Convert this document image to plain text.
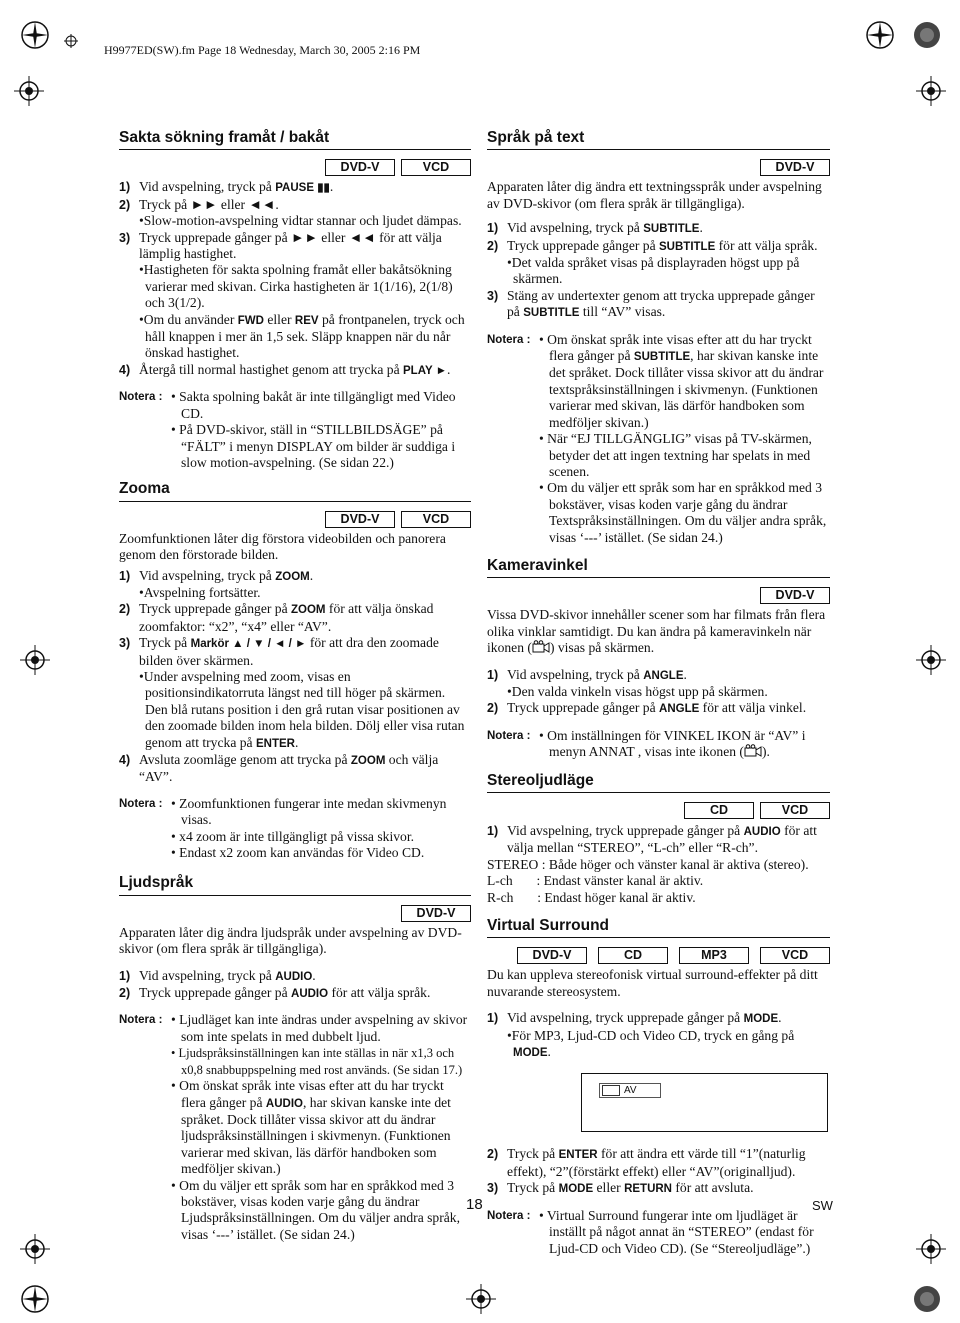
H9977ED(SW).fm Page 18 Wednesday, March 30, 2005 2:16 PM
Sakta sökning framåt / bakåt
DVD-V	VCD
1) Vid avspelning, tryck på PAUSE ▮▮.
2) Tryck på ►► eller ◄◄.

•Slow-motion-avspelning vidtar stannar och ljudet dämpas.

3) Tryck upprepade gånger på ►► eller ◄◄ för att välja lämplig hastighet.

•Hastigheten för sakta spolning framåt eller bakåtsökning varierar med skivan. Cirka hastigheten är 1(1/16), 2(1/8) och 3(1/2).

•Om du använder FWD eller REV på frontpanelen, tryck och håll knappen i mer än 1,5 sek. Släpp knappen när du når önskad hastighet.

4) Återgå till normal hastighet genom att trycka på PLAY ►.
Notera : • Sakta spolning bakåt är inte tillgängligt med Video CD.

• På DVD-skivor, ställ in “STILLBILDSÄGE” på “FÄLT” i menyn DISPLAY om bilder är suddiga i slow motion-avspelning. (Se sidan 22.)

Zooma
DVD-V	VCD

Zoomfunktionen låter dig förstora videobilden och panorera genom den förstorade bilden.

1) Vid avspelning, tryck på ZOOM.

•Avspelning fortsätter.

2) Tryck upprepade gånger på ZOOM för att välja önskad zoomfaktor: “x2”, “x4” eller “AV”.
3) Tryck på Markör ▲ / ▼ / ◄ / ► för att dra den zoomade bilden över skärmen.

•Under avspelning med zoom, visas en positionsindikatorruta längst ned till höger på skärmen. Den blå rutans position i den grå rutan visar positionen av den zoomade bilden inom hela bilden. Dölj eller visa rutan genom att trycka på ENTER.

4) Avsluta zoomläge genom att trycka på ZOOM och välja “AV”.
Notera : • Zoomfunktionen fungerar inte medan skivmenyn visas.

• x4 zoom är inte tillgängligt på vissa skivor.

• Endast x2 zoom kan användas för Video CD.

Ljudspråk
DVD-V

Apparaten låter dig ändra ljudspråk under avspelning av DVD-skivor (om flera språk är tillgängliga).

1) Vid avspelning, tryck på AUDIO.
2) Tryck upprepade gånger på AUDIO för att välja språk.
Notera : • Ljudläget kan inte ändras under avspelning av skivor som inte spelats in med dubbelt ljud.

• Ljudspråksinställningen kan inte ställas in när x1,3 och x0,8 snabbuppspelning med rost används. (Se sidan 17.)

• Om önskat språk inte visas efter att du har tryckt flera gånger på AUDIO, har skivan kanske inte det språket. Dock tillåter vissa skivor att du ändrar ljudspråksinställningen i skivmenyn. (Funktionen varierar med skivan, läs därför handboken som medföljer skivan.)

• Om du väljer ett språk som har en språkkod med 3 bokstäver, visas koden varje gång du ändrar Ljudspråksinställningen. Om du väljer andra språk, visas ‘---’ istället. (Se sidan 24.)

Språk på text
DVD-V

Apparaten låter dig ändra ett textningsspråk under avspelning av DVD-skivor (om flera språk är tillgängliga).

1) Vid avspelning, tryck på SUBTITLE.
2) Tryck upprepade gånger på SUBTITLE för att välja språk.

•Det valda språket visas på displayraden högst upp på skärmen.

3) Stäng av undertexter genom att trycka upprepade gånger på SUBTITLE till “AV” visas.
Notera : • Om önskat språk inte visas efter att du har tryckt flera gånger på SUBTITLE, har skivan kanske inte det språket. Dock tillåter vissa skivor att du ändrar textspråksinställningen i skivmenyn. (Funktionen varierar med skivan, läs därför handboken som medföljer skivan.)

• När “EJ TILLGÄNGLIG” visas på TV-skärmen, betyder det att ingen textning har spelats in med scenen.

• Om du väljer ett språk som har en språkkod med 3 bokstäver, visas koden varje gång du ändrar Textspråksinställningen. Om du väljer andra språk, visas ‘---’ istället. (Se sidan 24.)

Kameravinkel
DVD-V

Vissa DVD-skivor innehåller scener som har filmats från flera olika vinklar samtidigt. Du kan ändra på kameravinkeln när ikonen ( ) visas på skärmen.

1) Vid avspelning, tryck på ANGLE.

•Den valda vinkeln visas högst upp på skärmen.

2) Tryck upprepade gånger på ANGLE för att välja vinkel.
Notera : • Om inställningen för VINKEL IKON är “AV” i menyn ANNAT , visas inte ikonen ( ).

Stereoljudläge
CD	VCD
1) Vid avspelning, tryck upprepade gånger på AUDIO för att välja mellan “STEREO”, “L-ch” eller “R-ch”.

STEREO : Både höger och vänster kanal är aktiva (stereo).

L-ch       : Endast vänster kanal är aktiv.

R-ch       : Endast höger kanal är aktiv.

Virtual Surround
DVD-V	CD	MP3	VCD

Du kan uppleva stereofonisk virtual surround-effekter på ditt nuvarande stereosystem.

1) Vid avspelning, tryck upprepade gånger på MODE.

•För MP3, Ljud-CD och Video CD, tryck en gång på
MODE.

AV
2) Tryck på ENTER för att ändra ett värde till “1”(naturlig effekt), “2”(förstärkt effekt) eller “AV”(originalljud).
3) Tryck på MODE eller RETURN för att avsluta.
Notera : • Virtual Surround fungerar inte om ljudläget är inställt på något annat än “STEREO” (endast för Ljud-CD och Video CD). (Se “Stereoljudläge”.)

18	SW
